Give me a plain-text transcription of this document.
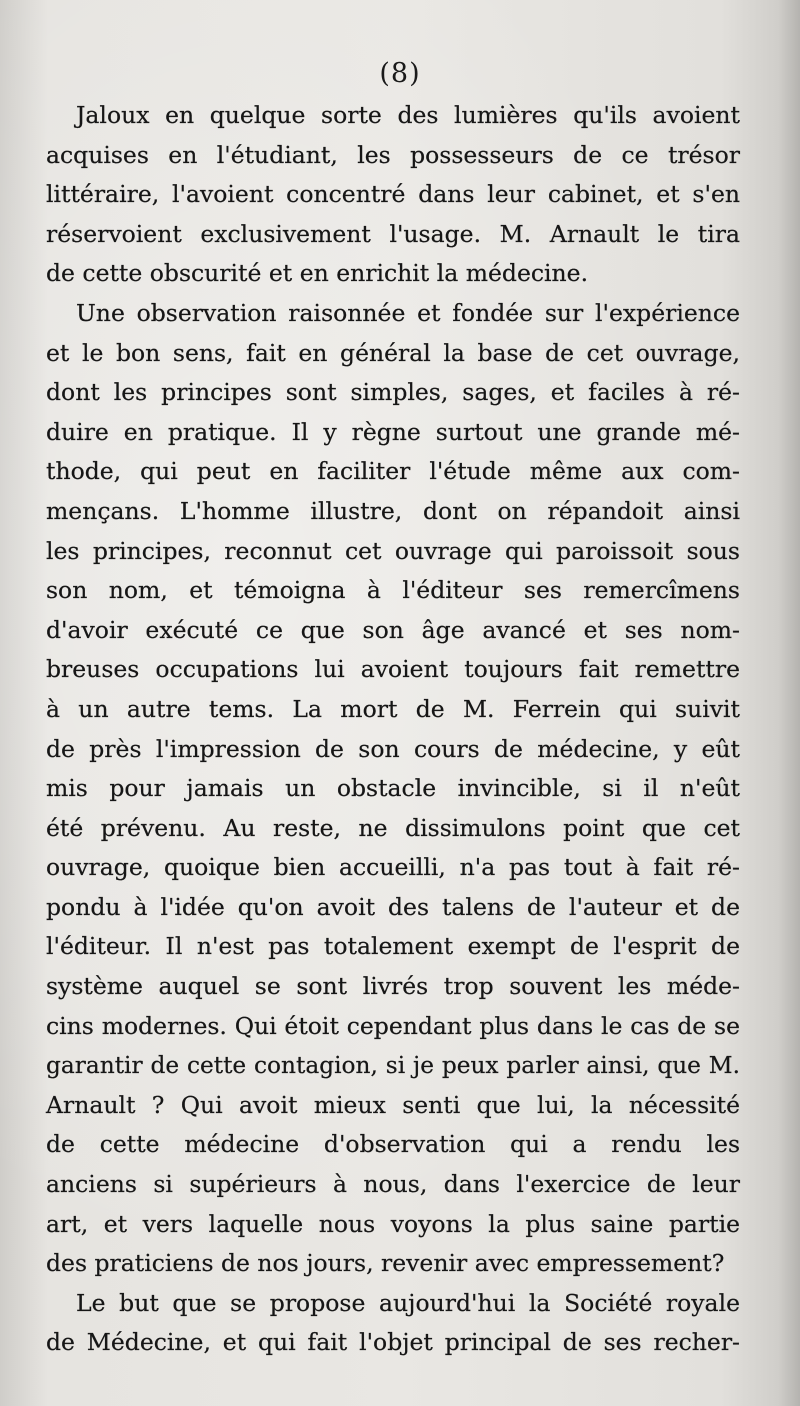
(8)
Jaloux en quelque sorte des lumières qu'ils avoient
acquises en l'étudiant, les possesseurs de ce trésor
littéraire, l'avoient concentré dans leur cabinet, et s'en
réservoient exclusivement l'usage. M. Arnault le tira
de cette obscurité et en enrichit la médecine.
Une observation raisonnée et fondée sur l'expérience
et le bon sens, fait en général la base de cet ouvrage,
dont les principes sont simples, sages, et faciles à ré-
duire en pratique. Il y règne surtout une grande mé-
thode, qui peut en faciliter l'étude même aux com-
mençans. L'homme illustre, dont on répandoit ainsi
les principes, reconnut cet ouvrage qui paroissoit sous
son nom, et témoigna à l'éditeur ses remercîmens
d'avoir exécuté ce que son âge avancé et ses nom-
breuses occupations lui avoient toujours fait remettre
à un autre tems. La mort de M. Ferrein qui suivit
de près l'impression de son cours de médecine, y eût
mis pour jamais un obstacle invincible, si il n'eût
été prévenu. Au reste, ne dissimulons point que cet
ouvrage, quoique bien accueilli, n'a pas tout à fait ré-
pondu à l'idée qu'on avoit des talens de l'auteur et de
l'éditeur. Il n'est pas totalement exempt de l'esprit de
système auquel se sont livrés trop souvent les méde-
cins modernes. Qui étoit cependant plus dans le cas de se
garantir de cette contagion, si je peux parler ainsi, que M.
Arnault ? Qui avoit mieux senti que lui, la nécessité
de cette médecine d'observation qui a rendu les
anciens si supérieurs à nous, dans l'exercice de leur
art, et vers laquelle nous voyons la plus saine partie
des praticiens de nos jours, revenir avec empressement?
Le but que se propose aujourd'hui la Société royale
de Médecine, et qui fait l'objet principal de ses recher-
